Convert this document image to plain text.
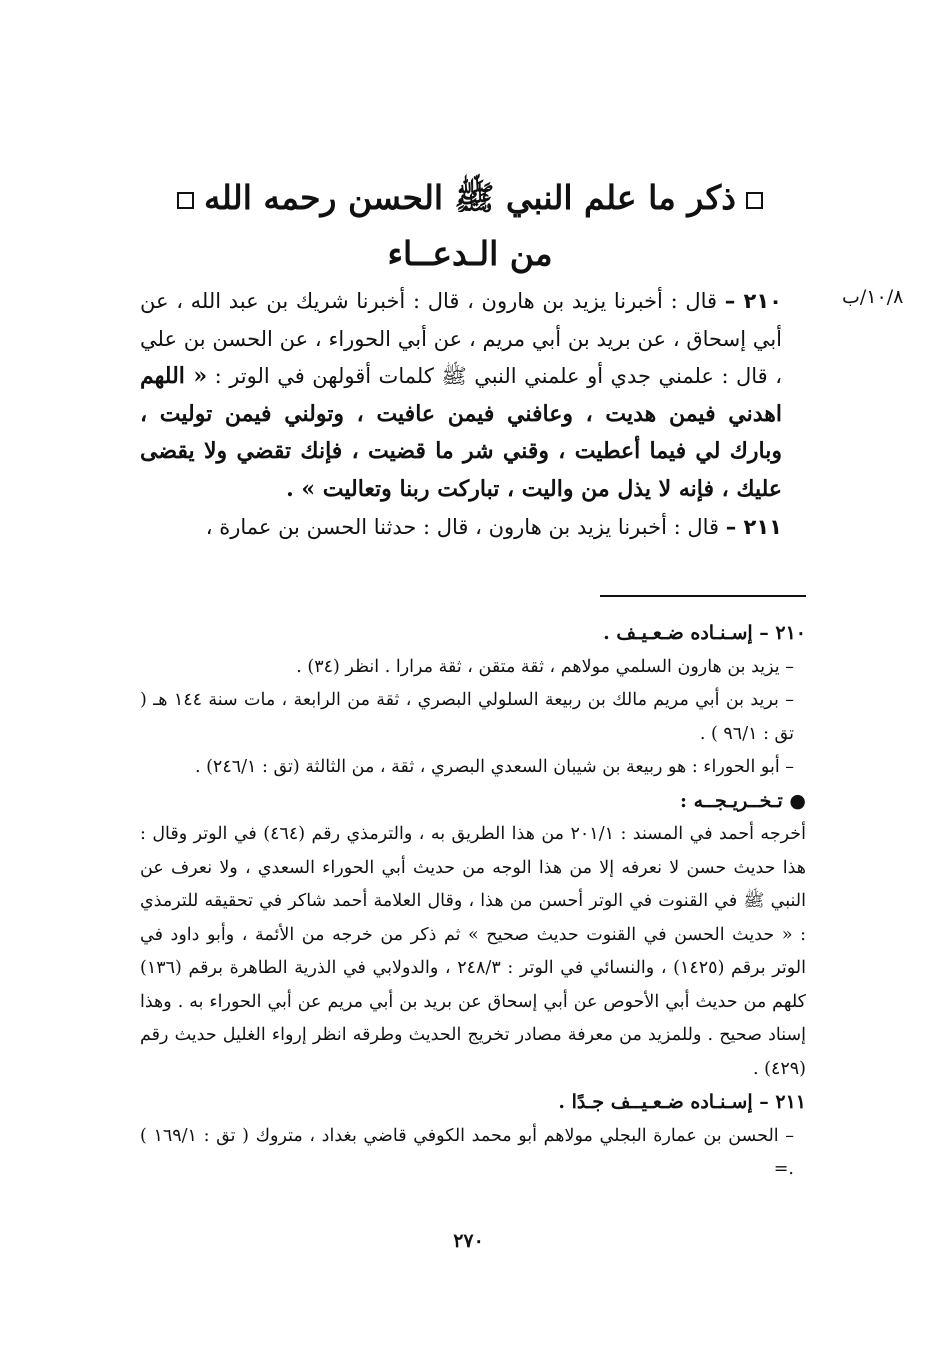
ذكر ما علم النبي ﷺ الحسن رحمه الله
من الـدعــاء
١٠/٨/ب

٢١٠ – قال : أخبرنا يزيد بن هارون ، قال : أخبرنا شريك بن عبد الله ، عن أبي إسحاق ، عن بريد بن أبي مريم ، عن أبي الحوراء ، عن الحسن بن علي ، قال : علمني جدي أو علمني النبي ﷺ كلمات أقولهن في الوتر : « اللهم اهدني فيمن هديت ، وعافني فيمن عافيت ، وتولني فيمن توليت ، وبارك لي فيما أعطيت ، وقني شر ما قضيت ، فإنك تقضي ولا يقضى عليك ، فإنه لا يذل من واليت ، تباركت ربنا وتعاليت » .

٢١١ – قال : أخبرنا يزيد بن هارون ، قال : حدثنا الحسن بن عمارة ،

٢١٠ – إسـنـاده ضـعـيـف .

– يزيد بن هارون السلمي مولاهم ، ثقة متقن ، ثقة مرارا . انظر (٣٤) .

– بريد بن أبي مريم مالك بن ربيعة السلولي البصري ، ثقة من الرابعة ، مات سنة ١٤٤ هـ ( تق : ٩٦/١ ) .

– أبو الحوراء : هو ربيعة بن شيبان السعدي البصري ، ثقة ، من الثالثة (تق : ٢٤٦/١) .

● تـخــريـجــه :

أخرجه أحمد في المسند : ٢٠١/١ من هذا الطريق به ، والترمذي رقم (٤٦٤) في الوتر وقال : هذا حديث حسن لا نعرفه إلا من هذا الوجه من حديث أبي الحوراء السعدي ، ولا نعرف عن النبي ﷺ في القنوت في الوتر أحسن من هذا ، وقال العلامة أحمد شاكر في تحقيقه للترمذي : « حديث الحسن في القنوت حديث صحيح » ثم ذكر من خرجه من الأئمة ، وأبو داود في الوتر برقم (١٤٢٥) ، والنسائي في الوتر : ٢٤٨/٣ ، والدولابي في الذرية الطاهرة برقم (١٣٦) كلهم من حديث أبي الأحوص عن أبي إسحاق عن بريد بن أبي مريم عن أبي الحوراء به . وهذا إسناد صحيح . وللمزيد من معرفة مصادر تخريج الحديث وطرقه انظر إرواء الغليل حديث رقم (٤٢٩) .

٢١١ – إسـنـاده ضـعـيــف جـدًا .

– الحسن بن عمارة البجلي مولاهم أبو محمد الكوفي قاضي بغداد ، متروك ( تق : ١٦٩/١ ) .=

٢٧٠
